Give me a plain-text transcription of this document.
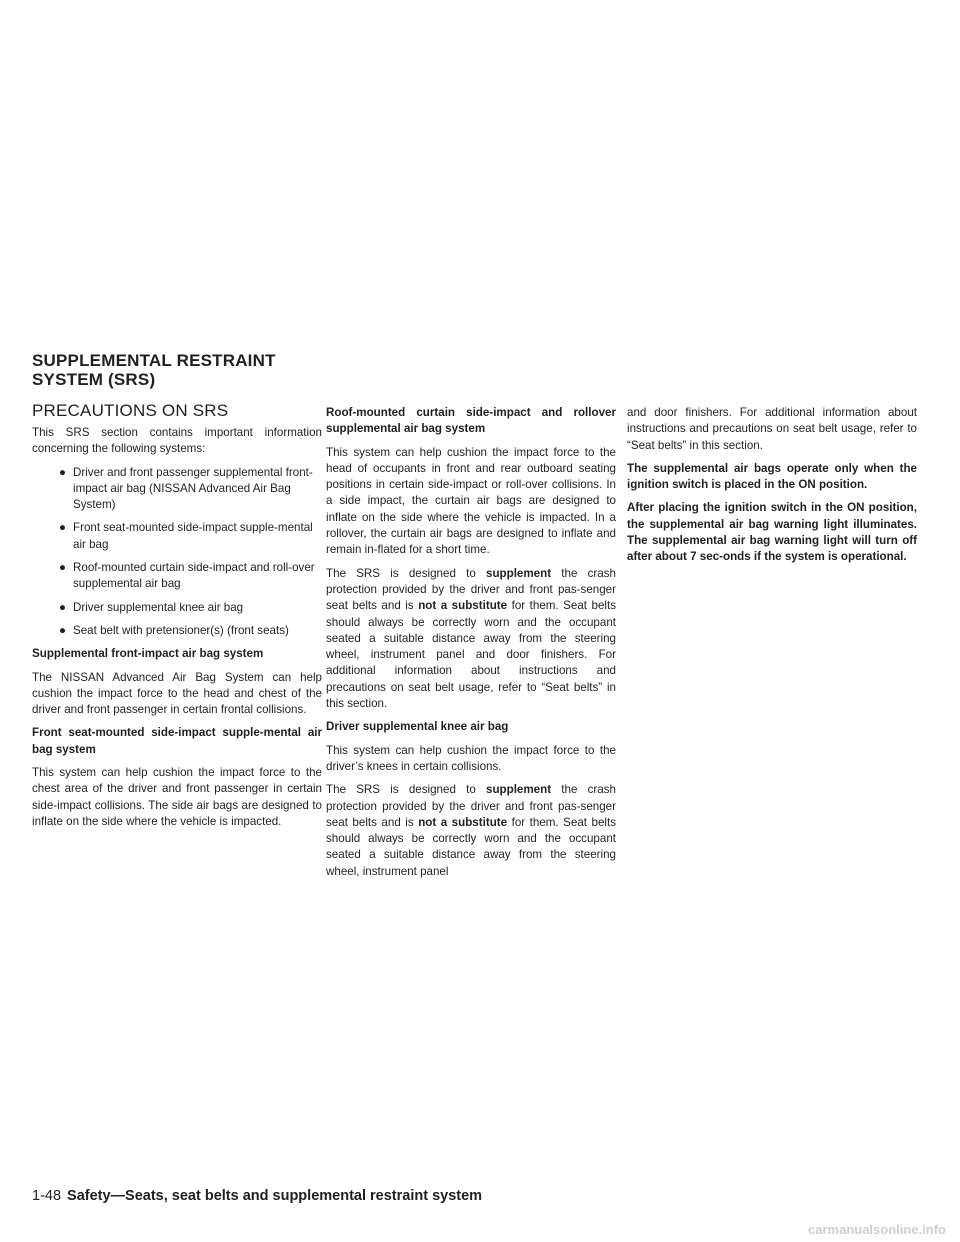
SUPPLEMENTAL RESTRAINT
SYSTEM (SRS)
PRECAUTIONS ON SRS

This SRS section contains important information concerning the following systems:

● Driver and front passenger supplemental front-impact air bag (NISSAN Advanced Air Bag System)
● Front seat-mounted side-impact supple-mental air bag
● Roof-mounted curtain side-impact and roll-over supplemental air bag
● Driver supplemental knee air bag
● Seat belt with pretensioner(s) (front seats)

Supplemental front-impact air bag system

The NISSAN Advanced Air Bag System can help cushion the impact force to the head and chest of the driver and front passenger in certain frontal collisions.

Front seat-mounted side-impact supple-mental air bag system

This system can help cushion the impact force to the chest area of the driver and front passenger in certain side-impact collisions. The side air bags are designed to inflate on the side where the vehicle is impacted.

Roof-mounted curtain side-impact and rollover supplemental air bag system

This system can help cushion the impact force to the head of occupants in front and rear outboard seating positions in certain side-impact or roll-over collisions. In a side impact, the curtain air bags are designed to inflate on the side where the vehicle is impacted. In a rollover, the curtain air bags are designed to inflate and remain in-flated for a short time.

The SRS is designed to supplement the crash protection provided by the driver and front pas-senger seat belts and is not a substitute for them. Seat belts should always be correctly worn and the occupant seated a suitable distance away from the steering wheel, instrument panel and door finishers. For additional information about instructions and precautions on seat belt usage, refer to “Seat belts” in this section.

Driver supplemental knee air bag

This system can help cushion the impact force to the driver’s knees in certain collisions.

The SRS is designed to supplement the crash protection provided by the driver and front pas-senger seat belts and is not a substitute for them. Seat belts should always be correctly worn and the occupant seated a suitable distance away from the steering wheel, instrument panel

and door finishers. For additional information about instructions and precautions on seat belt usage, refer to “Seat belts” in this section.

The supplemental air bags operate only when the ignition switch is placed in the ON position.

After placing the ignition switch in the ON position, the supplemental air bag warning light illuminates. The supplemental air bag warning light will turn off after about 7 sec-onds if the system is operational.

1-48 Safety—Seats, seat belts and supplemental restraint system
carmanualsonline.info
